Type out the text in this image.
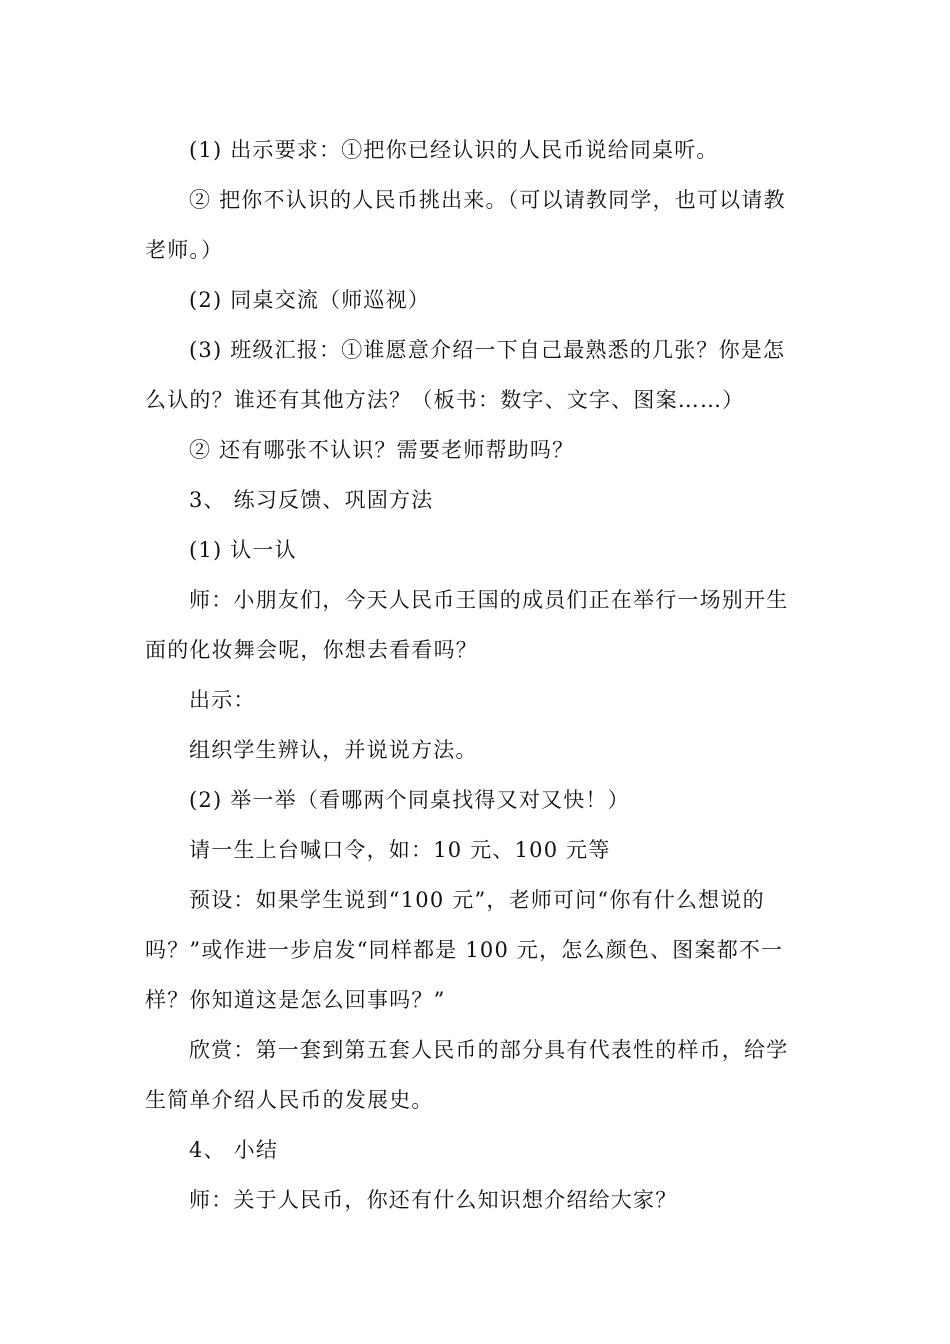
(1) 出示要求：①把你已经认识的人民币说给同桌听。

② 把你不认识的人民币挑出来。（可以请教同学，也可以请教老师。）

(2) 同桌交流（师巡视）

(3) 班级汇报：①谁愿意介绍一下自己最熟悉的几张？你是怎么认的？谁还有其他方法？（板书：数字、文字、图案……）

② 还有哪张不认识？需要老师帮助吗？

3、 练习反馈、巩固方法

(1) 认一认

师：小朋友们，今天人民币王国的成员们正在举行一场别开生面的化妆舞会呢，你想去看看吗？

出示：

组织学生辨认，并说说方法。

(2) 举一举（看哪两个同桌找得又对又快！）

请一生上台喊口令，如：10 元、100 元等

预设：如果学生说到“100 元”，老师可问“你有什么想说的吗？”或作进一步启发“同样都是 100 元，怎么颜色、图案都不一样？你知道这是怎么回事吗？”

欣赏：第一套到第五套人民币的部分具有代表性的样币，给学生简单介绍人民币的发展史。

4、 小结

师：关于人民币，你还有什么知识想介绍给大家？
